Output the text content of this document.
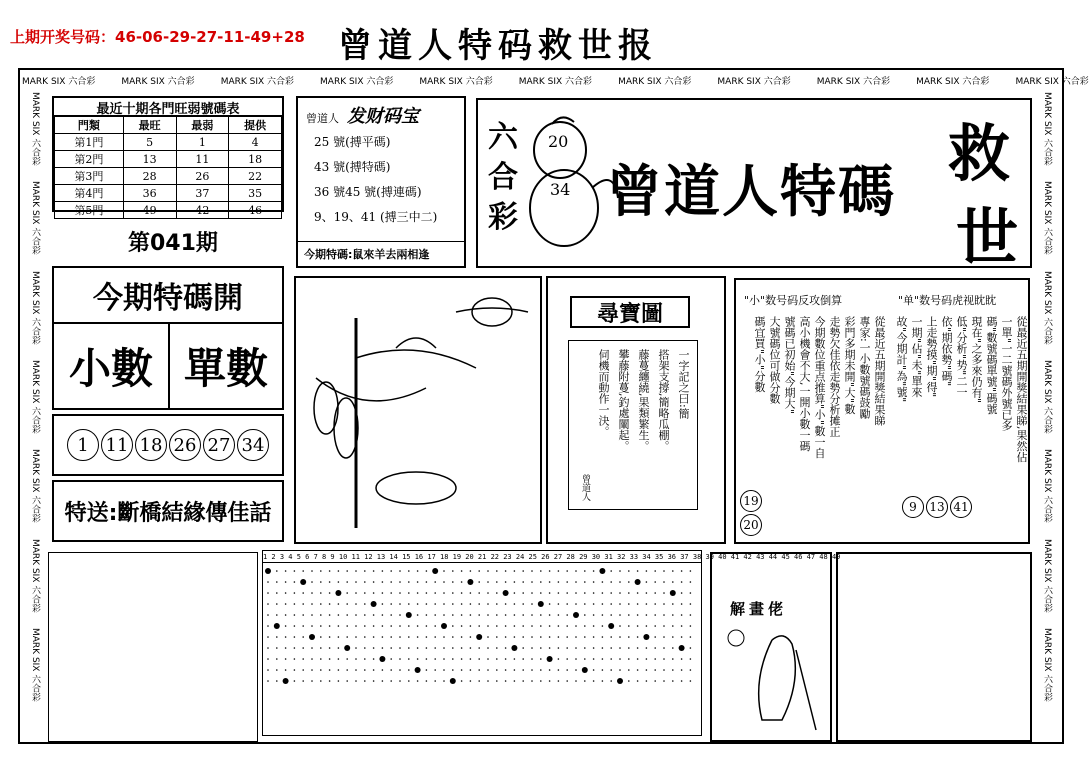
上期开奖号码：46-06-29-27-11-49+28 曾道人特码救世报
MARK SIX 六合彩	MARK SIX 六合彩	MARK SIX 六合彩	MARK SIX 六合彩	MARK SIX 六合彩	MARK SIX 六合彩	MARK SIX 六合彩	MARK SIX 六合彩	MARK SIX 六合彩	MARK SIX 六合彩	MARK SIX 六合彩
MARK SIX 六合彩MARK SIX 六合彩MARK SIX 六合彩MARK SIX 六合彩MARK SIX 六合彩MARK SIX 六合彩MARK SIX 六合彩
MARK SIX 六合彩MARK SIX 六合彩MARK SIX 六合彩MARK SIX 六合彩MARK SIX 六合彩MARK SIX 六合彩MARK SIX 六合彩
最近十期各門旺弱號碼表
門類	最旺	最弱	提供
第1門	5	1	4
第2門	13	11	18
第3門	28	26	22
第4門	36	37	35
第5門	49	42	46
第041期
曾道人 发财码宝
25 號(搏平碼)
43 號(搏特碼)
36 號45 號(搏連碼)
9、19、41 (搏三中二)
今期特碼:鼠來羊去兩相逢
六
合
彩
20
34 曾道人特碼
救
世
今期特碼開
小數 單數
1 11 18 26 27 34
特送:斷橋結緣傳佳話
尋寶圖
一字記之曰:簡
搭架支撐,簡略瓜棚。
藤蔓纏繞,果類繁生。
攀藤附蔓,釣處闡起。
伺機而動作一決。
曾道人
"小"数号码反攻倒算	"单"数号码虎视眈眈
從最近五期開獎結果睇
專家:一小數號碼鼓勵
彩門多期未開"大"數
走勢欠佳依走勢分析摊正
今期數位重点推算"小"數一自
高小機會不大,一開小數一碼
號碼已初始"今期大"
大號碼位可做分數
碼宜買"小"分數	從最近五期開獎結果睇,果然佔
一單"一二號碼外號已多
碼"數號碼單號"碼號
現在"之多來仍有"
低"分析"势"二一
依"期依勢"碼"
上走勢摸"期"得"
一期"佔"未"單來
故"今期計"為"號"
19
20
9	13 41
1 2 3 4 5 6 7 8 9 10 11 12 13 14 15 16 17 18 19 20 21 22 23 24 25 26 27 28 29 30 31 32 33 34 35 36 37 38 39 40 41 42 43 44 45 46 47 48 49
解畫佬
